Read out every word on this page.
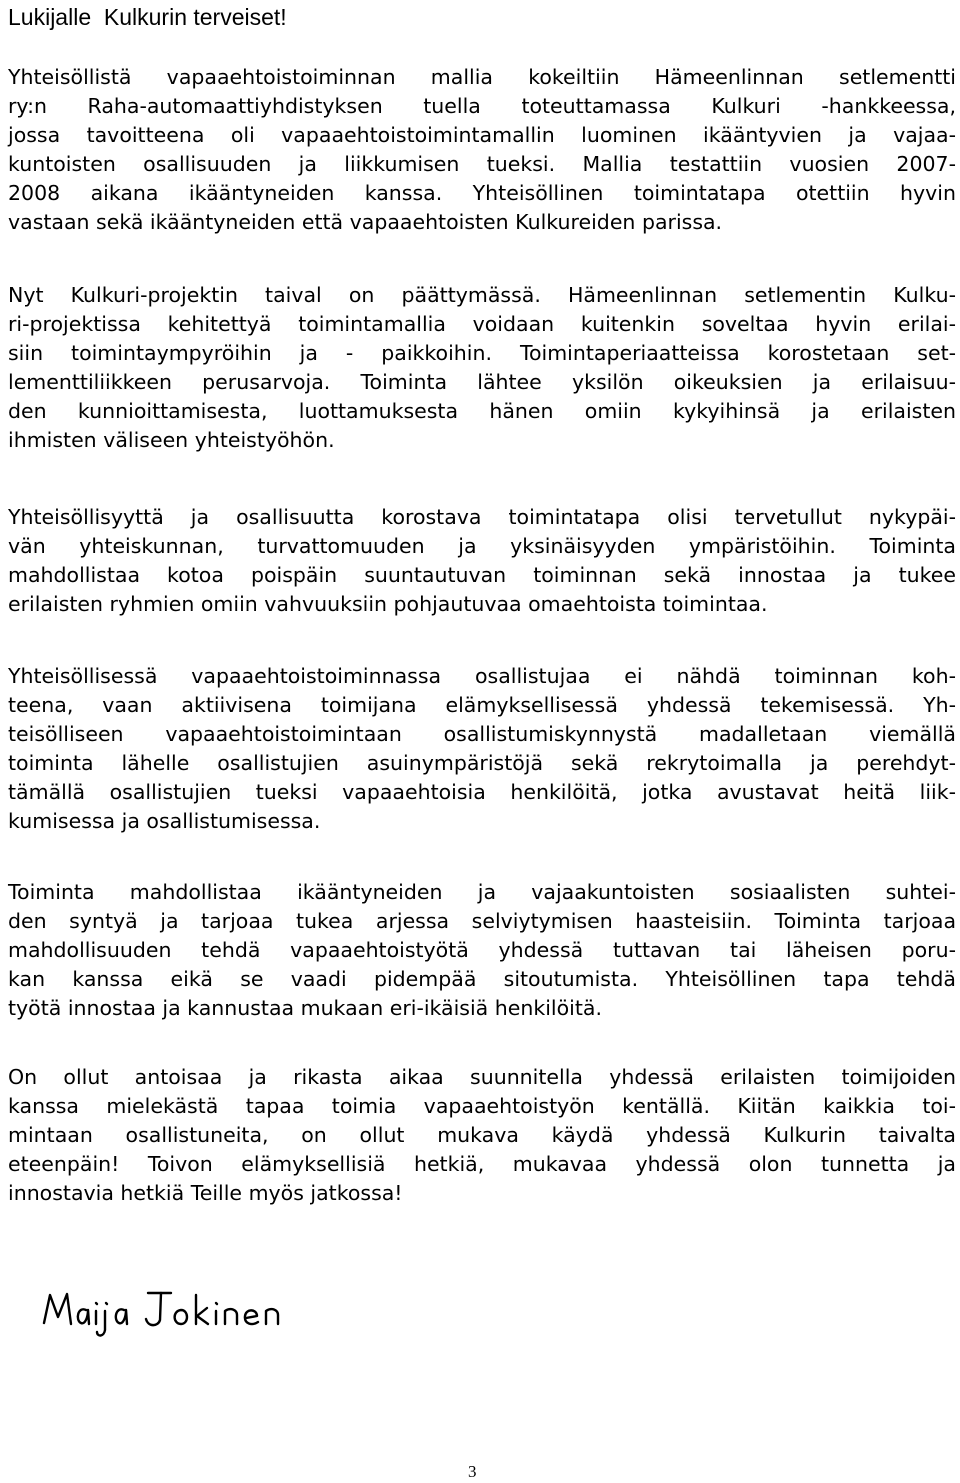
Lukijalle  Kulkurin terveiset!

Yhteisöllistä vapaaehtoistoiminnan mallia kokeiltiin Hämeenlinnan setlementti
ry:n Raha-automaattiyhdistyksen tuella toteuttamassa Kulkuri -hankkeessa,
jossa tavoitteena oli vapaaehtoistoimintamallin luominen ikääntyvien ja vajaa-
kuntoisten osallisuuden ja liikkumisen tueksi. Mallia testattiin vuosien 2007-
2008 aikana ikääntyneiden kanssa. Yhteisöllinen toimintatapa otettiin hyvin
vastaan sekä ikääntyneiden että vapaaehtoisten Kulkureiden parissa.

Nyt Kulkuri-projektin taival on päättymässä. Hämeenlinnan setlementin Kulku-
ri-projektissa kehitettyä toimintamallia voidaan kuitenkin soveltaa hyvin erilai-
siin toimintaympyröihin ja - paikkoihin. Toimintaperiaatteissa korostetaan set-
lementtiliikkeen perusarvoja. Toiminta lähtee yksilön oikeuksien ja erilaisuu-
den kunnioittamisesta, luottamuksesta hänen omiin kykyihinsä ja erilaisten
ihmisten väliseen yhteistyöhön.

Yhteisöllisyyttä ja osallisuutta korostava toimintatapa olisi tervetullut nykypäi-
vän yhteiskunnan, turvattomuuden ja yksinäisyyden ympäristöihin. Toiminta
mahdollistaa kotoa poispäin suuntautuvan toiminnan sekä innostaa ja tukee
erilaisten ryhmien omiin vahvuuksiin pohjautuvaa omaehtoista toimintaa.

Yhteisöllisessä vapaaehtoistoiminnassa osallistujaa ei nähdä toiminnan koh-
teena, vaan aktiivisena toimijana elämyksellisessä yhdessä tekemisessä. Yh-
teisölliseen vapaaehtoistoimintaan osallistumiskynnystä madalletaan viemällä
toiminta lähelle osallistujien asuinympäristöjä sekä rekrytoimalla ja perehdyt-
tämällä osallistujien tueksi vapaaehtoisia henkilöitä, jotka avustavat heitä liik-
kumisessa ja osallistumisessa.

Toiminta mahdollistaa ikääntyneiden ja vajaakuntoisten sosiaalisten suhtei-
den syntyä ja tarjoaa tukea arjessa selviytymisen haasteisiin. Toiminta tarjoaa
mahdollisuuden tehdä vapaaehtoistyötä yhdessä tuttavan tai läheisen poru-
kan kanssa eikä se vaadi pidempää sitoutumista. Yhteisöllinen tapa tehdä
työtä innostaa ja kannustaa mukaan eri-ikäisiä henkilöitä.

On ollut antoisaa ja rikasta aikaa suunnitella yhdessä erilaisten toimijoiden
kanssa mielekästä tapaa toimia vapaaehtoistyön kentällä. Kiitän kaikkia toi-
mintaan osallistuneita, on ollut mukava käydä yhdessä Kulkurin taivalta
eteenpäin! Toivon elämyksellisiä hetkiä, mukavaa yhdessä olon tunnetta ja
innostavia hetkiä Teille myös jatkossa!

3
